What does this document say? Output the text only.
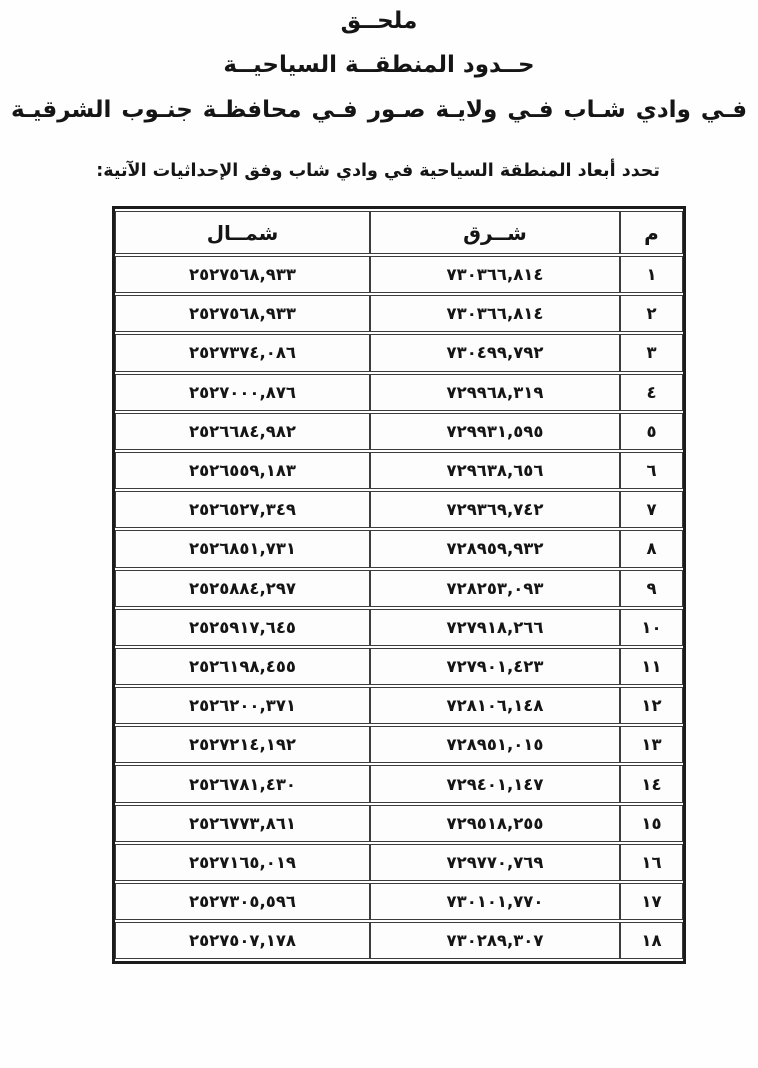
ملحــق
حــدود المنطقــة السياحيــة
فـي وادي شـاب فـي ولايـة صـور فـي محافظـة جنـوب الشرقيـة

تحدد أبعاد المنطقة السياحية في وادي شاب وفق الإحداثيات الآتية:

م	شــرق	شمــال
١	٧٣٠٣٦٦,٨١٤	٢٥٢٧٥٦٨,٩٣٣
٢	٧٣٠٣٦٦,٨١٤	٢٥٢٧٥٦٨,٩٣٣
٣	٧٣٠٤٩٩,٧٩٢	٢٥٢٧٣٧٤,٠٨٦
٤	٧٢٩٩٦٨,٣١٩	٢٥٢٧٠٠٠,٨٧٦
٥	٧٢٩٩٣١,٥٩٥	٢٥٢٦٦٨٤,٩٨٢
٦	٧٢٩٦٣٨,٦٥٦	٢٥٢٦٥٥٩,١٨٣
٧	٧٢٩٣٦٩,٧٤٢	٢٥٢٦٥٢٧,٣٤٩
٨	٧٢٨٩٥٩,٩٣٢	٢٥٢٦٨٥١,٧٣١
٩	٧٢٨٢٥٣,٠٩٣	٢٥٢٥٨٨٤,٢٩٧
١٠	٧٢٧٩١٨,٢٦٦	٢٥٢٥٩١٧,٦٤٥
١١	٧٢٧٩٠١,٤٢٣	٢٥٢٦١٩٨,٤٥٥
١٢	٧٢٨١٠٦,١٤٨	٢٥٢٦٢٠٠,٣٧١
١٣	٧٢٨٩٥١,٠١٥	٢٥٢٧٢١٤,١٩٢
١٤	٧٢٩٤٠١,١٤٧	٢٥٢٦٧٨١,٤٣٠
١٥	٧٢٩٥١٨,٢٥٥	٢٥٢٦٧٧٣,٨٦١
١٦	٧٢٩٧٧٠,٧٦٩	٢٥٢٧١٦٥,٠١٩
١٧	٧٣٠١٠١,٧٧٠	٢٥٢٧٣٠٥,٥٩٦
١٨	٧٣٠٢٨٩,٣٠٧	٢٥٢٧٥٠٧,١٧٨
